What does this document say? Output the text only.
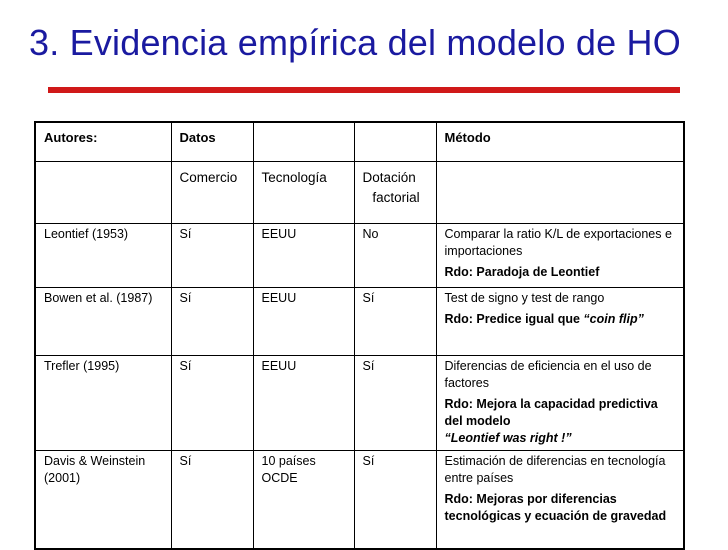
3. Evidencia empírica del modelo de HO
Autores:	Datos			Método
	Comercio	Tecnología	Dotación
factorial	

Leontief (1953)	Sí	EEUU	No	Comparar la ratio K/L de exportaciones e importaciones
Rdo: Paradoja de Leontief

Bowen et al. (1987)	Sí	EEUU	Sí	Test de signo y test de rango
Rdo: Predice igual que “coin flip”

Trefler (1995)	Sí	EEUU	Sí	Diferencias de eficiencia en el uso de factores
Rdo: Mejora la capacidad predictiva del modelo
“Leontief was right !”

Davis & Weinstein (2001)	Sí	10 países OCDE	Sí	Estimación de diferencias en tecnología entre países
Rdo: Mejoras por diferencias tecnológicas y ecuación de gravedad
